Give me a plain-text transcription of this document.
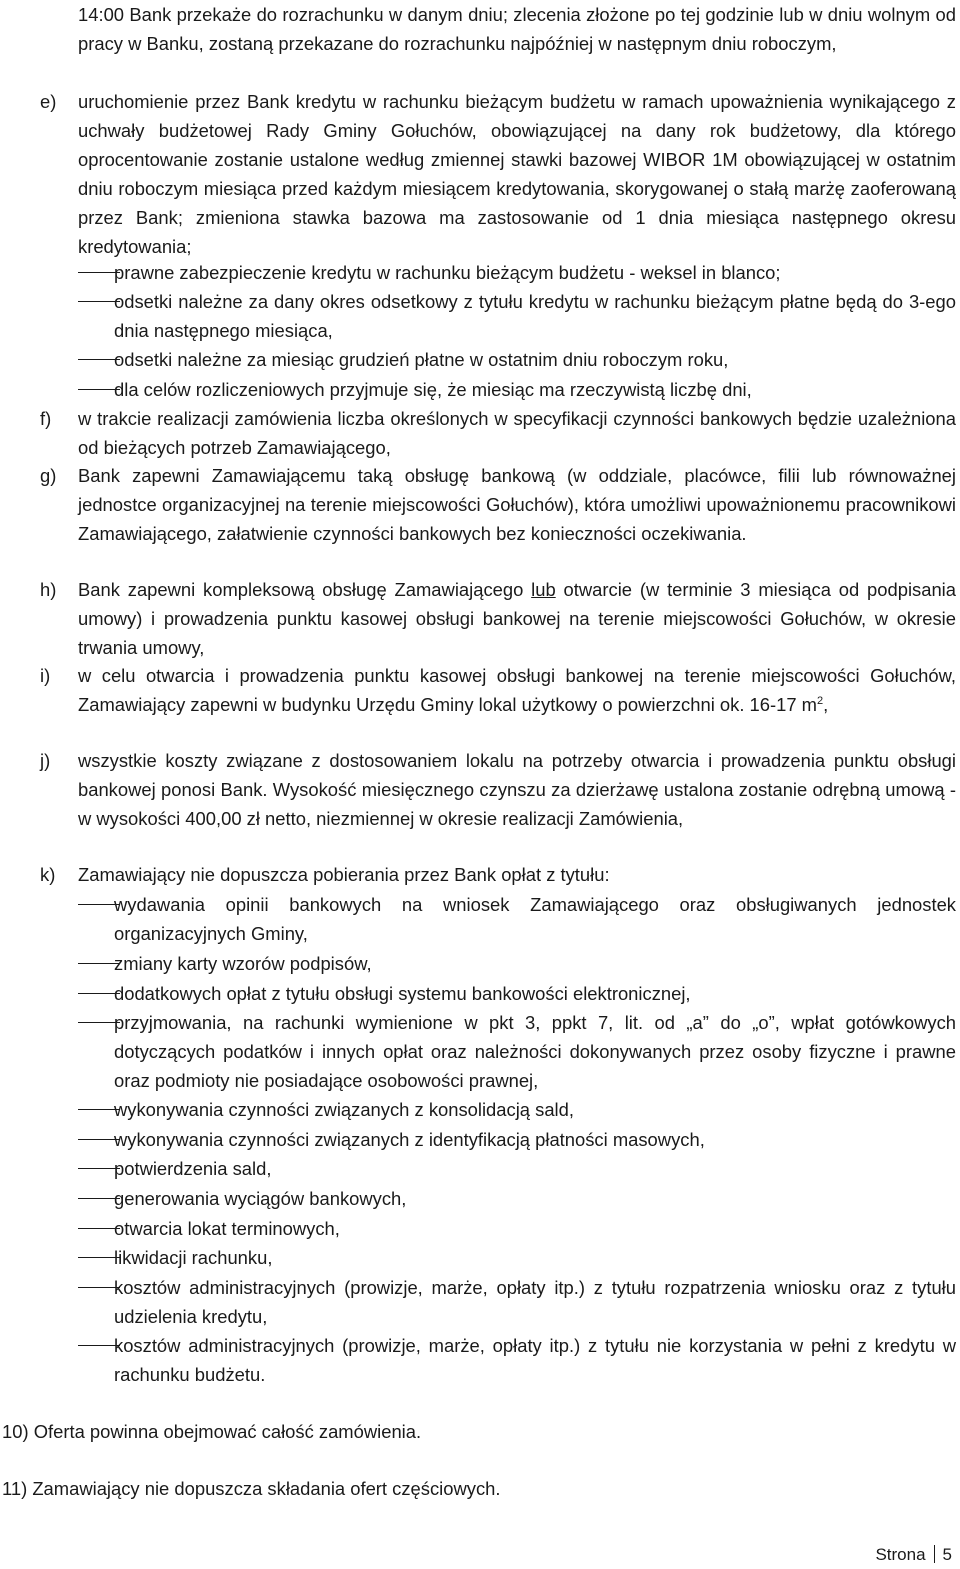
14:00 Bank przekaże do rozrachunku w danym dniu; zlecenia złożone po tej godzinie lub w dniu wolnym od pracy w Banku, zostaną przekazane do rozrachunku najpóźniej w następnym dniu roboczym,

e) uruchomienie przez Bank kredytu w rachunku bieżącym budżetu w ramach upoważnienia wynikającego z uchwały budżetowej Rady Gminy Gołuchów, obowiązującej na dany rok budżetowy, dla którego oprocentowanie zostanie ustalone według zmiennej stawki bazowej WIBOR 1M obowiązującej w ostatnim dniu roboczym miesiąca przed każdym miesiącem kredytowania, skorygowanej o stałą marżę zaoferowaną przez Bank; zmieniona stawka bazowa ma zastosowanie od 1 dnia miesiąca następnego okresu kredytowania;
prawne zabezpieczenie kredytu w rachunku bieżącym budżetu - weksel in blanco;
odsetki należne za dany okres odsetkowy z tytułu kredytu w rachunku bieżącym płatne będą do 3-ego dnia następnego miesiąca,
odsetki należne za miesiąc grudzień płatne w ostatnim dniu roboczym roku,
dla celów rozliczeniowych przyjmuje się, że miesiąc ma rzeczywistą liczbę dni,
f) w trakcie realizacji zamówienia liczba określonych w specyfikacji czynności bankowych będzie uzależniona od bieżących potrzeb Zamawiającego,
g) Bank zapewni Zamawiającemu taką obsługę bankową (w oddziale, placówce, filii lub równoważnej jednostce organizacyjnej na terenie miejscowości Gołuchów), która umożliwi upoważnionemu pracownikowi Zamawiającego, załatwienie czynności bankowych bez konieczności oczekiwania.
h) Bank zapewni kompleksową obsługę Zamawiającego lub otwarcie (w terminie 3 miesiąca od podpisania umowy) i prowadzenia punktu kasowej obsługi bankowej na terenie miejscowości Gołuchów, w okresie trwania umowy,
i) w celu otwarcia i prowadzenia punktu kasowej obsługi bankowej na terenie miejscowości Gołuchów, Zamawiający zapewni w budynku Urzędu Gminy lokal użytkowy o powierzchni ok. 16-17 $m^2$,
j) wszystkie koszty związane z dostosowaniem lokalu na potrzeby otwarcia i prowadzenia punktu obsługi bankowej ponosi Bank. Wysokość miesięcznego czynszu za dzierżawę ustalona zostanie odrębną umową - w wysokości 400,00 zł netto, niezmiennej w okresie realizacji Zamówienia,
k) Zamawiający nie dopuszcza pobierania przez Bank opłat z tytułu:
wydawania opinii bankowych na wniosek Zamawiającego oraz obsługiwanych jednostek organizacyjnych Gminy,
zmiany karty wzorów podpisów,
dodatkowych opłat z tytułu obsługi systemu bankowości elektronicznej,
przyjmowania, na rachunki wymienione w pkt 3, ppkt 7, lit. od „a” do „o”, wpłat gotówkowych dotyczących podatków i innych opłat oraz należności dokonywanych przez osoby fizyczne i prawne oraz podmioty nie posiadające osobowości prawnej,
wykonywania czynności związanych z konsolidacją sald,
wykonywania czynności związanych z identyfikacją płatności masowych,
potwierdzenia sald,
generowania wyciągów bankowych,
otwarcia lokat terminowych,
likwidacji rachunku,
kosztów administracyjnych (prowizje, marże, opłaty itp.) z tytułu rozpatrzenia wniosku oraz z tytułu udzielenia kredytu,
kosztów administracyjnych (prowizje, marże, opłaty itp.) z tytułu nie korzystania w pełni z kredytu w rachunku budżetu.
10) Oferta powinna obejmować całość zamówienia.
11) Zamawiający nie dopuszcza składania ofert częściowych.
Strona 5
